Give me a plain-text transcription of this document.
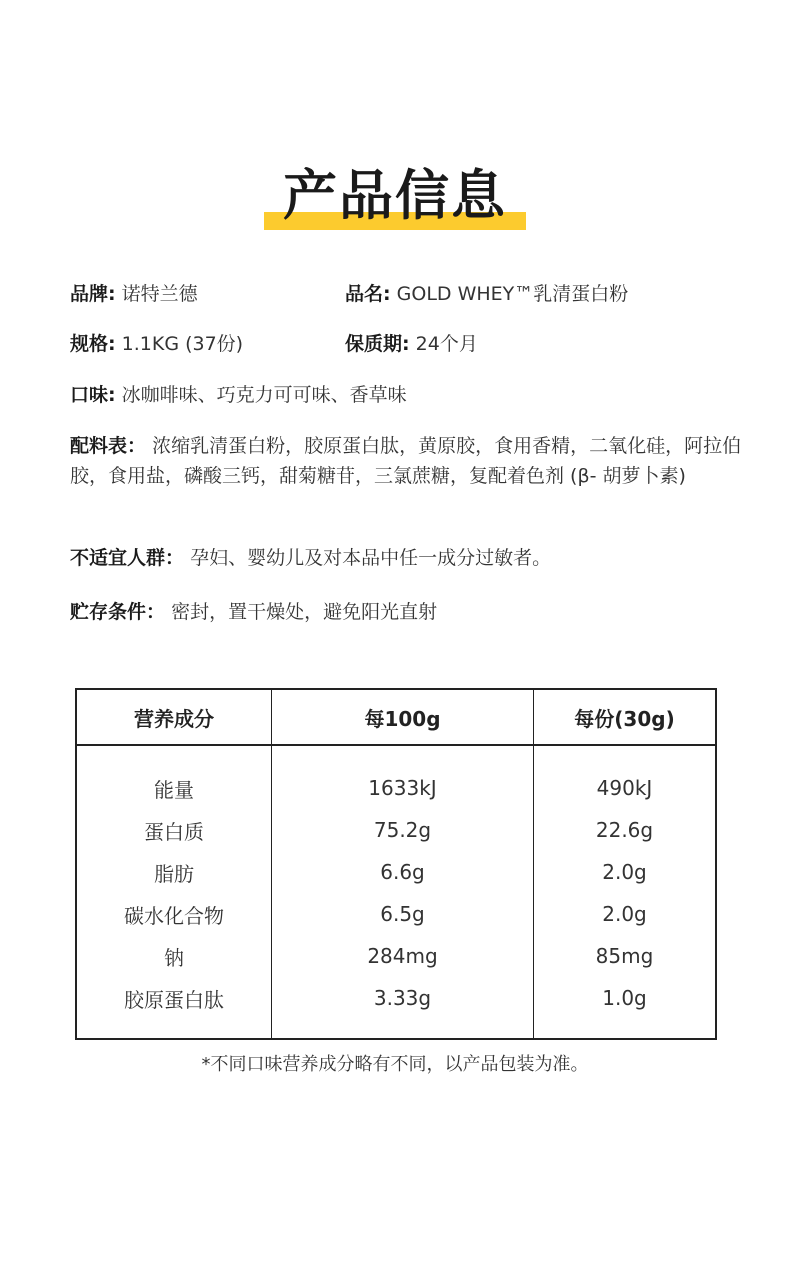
产品信息
品牌: 诺特兰德	品名: GOLD WHEY™乳清蛋白粉
规格: 1.1KG (37份)	保质期: 24个月
口味: 冰咖啡味、巧克力可可味、香草味
配料表： 浓缩乳清蛋白粉，胶原蛋白肽，黄原胶，食用香精，二氧化硅，阿拉伯胶，食用盐，磷酸三钙，甜菊糖苷，三氯蔗糖，复配着色剂 (β- 胡萝卜素)
不适宜人群： 孕妇、婴幼儿及对本品中任一成分过敏者。
贮存条件： 密封，置干燥处，避免阳光直射
营养成分	每100g	每份(30g)
能量	1633kJ	490kJ
蛋白质	75.2g	22.6g
脂肪	6.6g	2.0g
碳水化合物	6.5g	2.0g
钠	284mg	85mg
胶原蛋白肽	3.33g	1.0g
*不同口味营养成分略有不同，以产品包装为准。
